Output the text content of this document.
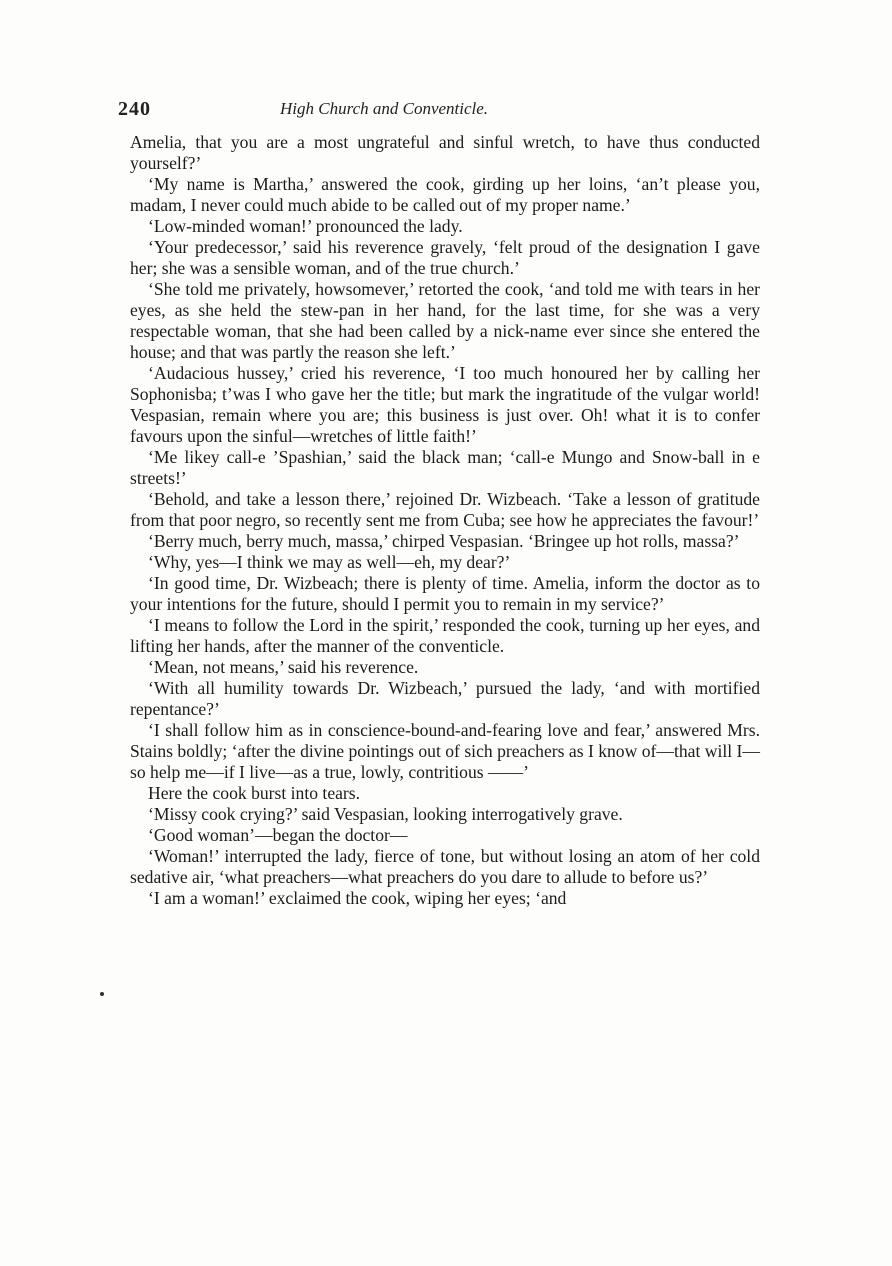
240	High Church and Conventicle.

Amelia, that you are a most ungrateful and sinful wretch, to have thus conducted yourself?’

‘My name is Martha,’ answered the cook, girding up her loins, ‘an’t please you, madam, I never could much abide to be called out of my proper name.’

‘Low-minded woman!’ pronounced the lady.

‘Your predecessor,’ said his reverence gravely, ‘felt proud of the designation I gave her; she was a sensible woman, and of the true church.’

‘She told me privately, howsomever,’ retorted the cook, ‘and told me with tears in her eyes, as she held the stew-pan in her hand, for the last time, for she was a very respectable woman, that she had been called by a nick-name ever since she entered the house; and that was partly the reason she left.’

‘Audacious hussey,’ cried his reverence, ‘I too much honoured her by calling her Sophonisba; t’was I who gave her the title; but mark the ingratitude of the vulgar world! Vespasian, remain where you are; this business is just over. Oh! what it is to confer favours upon the sinful—wretches of little faith!’

‘Me likey call-e ’Spashian,’ said the black man; ‘call-e Mungo and Snow-ball in e streets!’

‘Behold, and take a lesson there,’ rejoined Dr. Wizbeach. ‘Take a lesson of gratitude from that poor negro, so recently sent me from Cuba; see how he appreciates the favour!’

‘Berry much, berry much, massa,’ chirped Vespasian. ‘Bringee up hot rolls, massa?’

‘Why, yes—I think we may as well—eh, my dear?’

‘In good time, Dr. Wizbeach; there is plenty of time. Amelia, inform the doctor as to your intentions for the future, should I permit you to remain in my service?’

‘I means to follow the Lord in the spirit,’ responded the cook, turning up her eyes, and lifting her hands, after the manner of the conventicle.

‘Mean, not means,’ said his reverence.

‘With all humility towards Dr. Wizbeach,’ pursued the lady, ‘and with mortified repentance?’

‘I shall follow him as in conscience-bound-and-fearing love and fear,’ answered Mrs. Stains boldly; ‘after the divine pointings out of sich preachers as I know of—that will I—so help me—if I live—as a true, lowly, contritious ——’

Here the cook burst into tears.

‘Missy cook crying?’ said Vespasian, looking interrogatively grave.

‘Good woman’—began the doctor—

‘Woman!’ interrupted the lady, fierce of tone, but without losing an atom of her cold sedative air, ‘what preachers—what preachers do you dare to allude to before us?’

‘I am a woman!’ exclaimed the cook, wiping her eyes; ‘and
